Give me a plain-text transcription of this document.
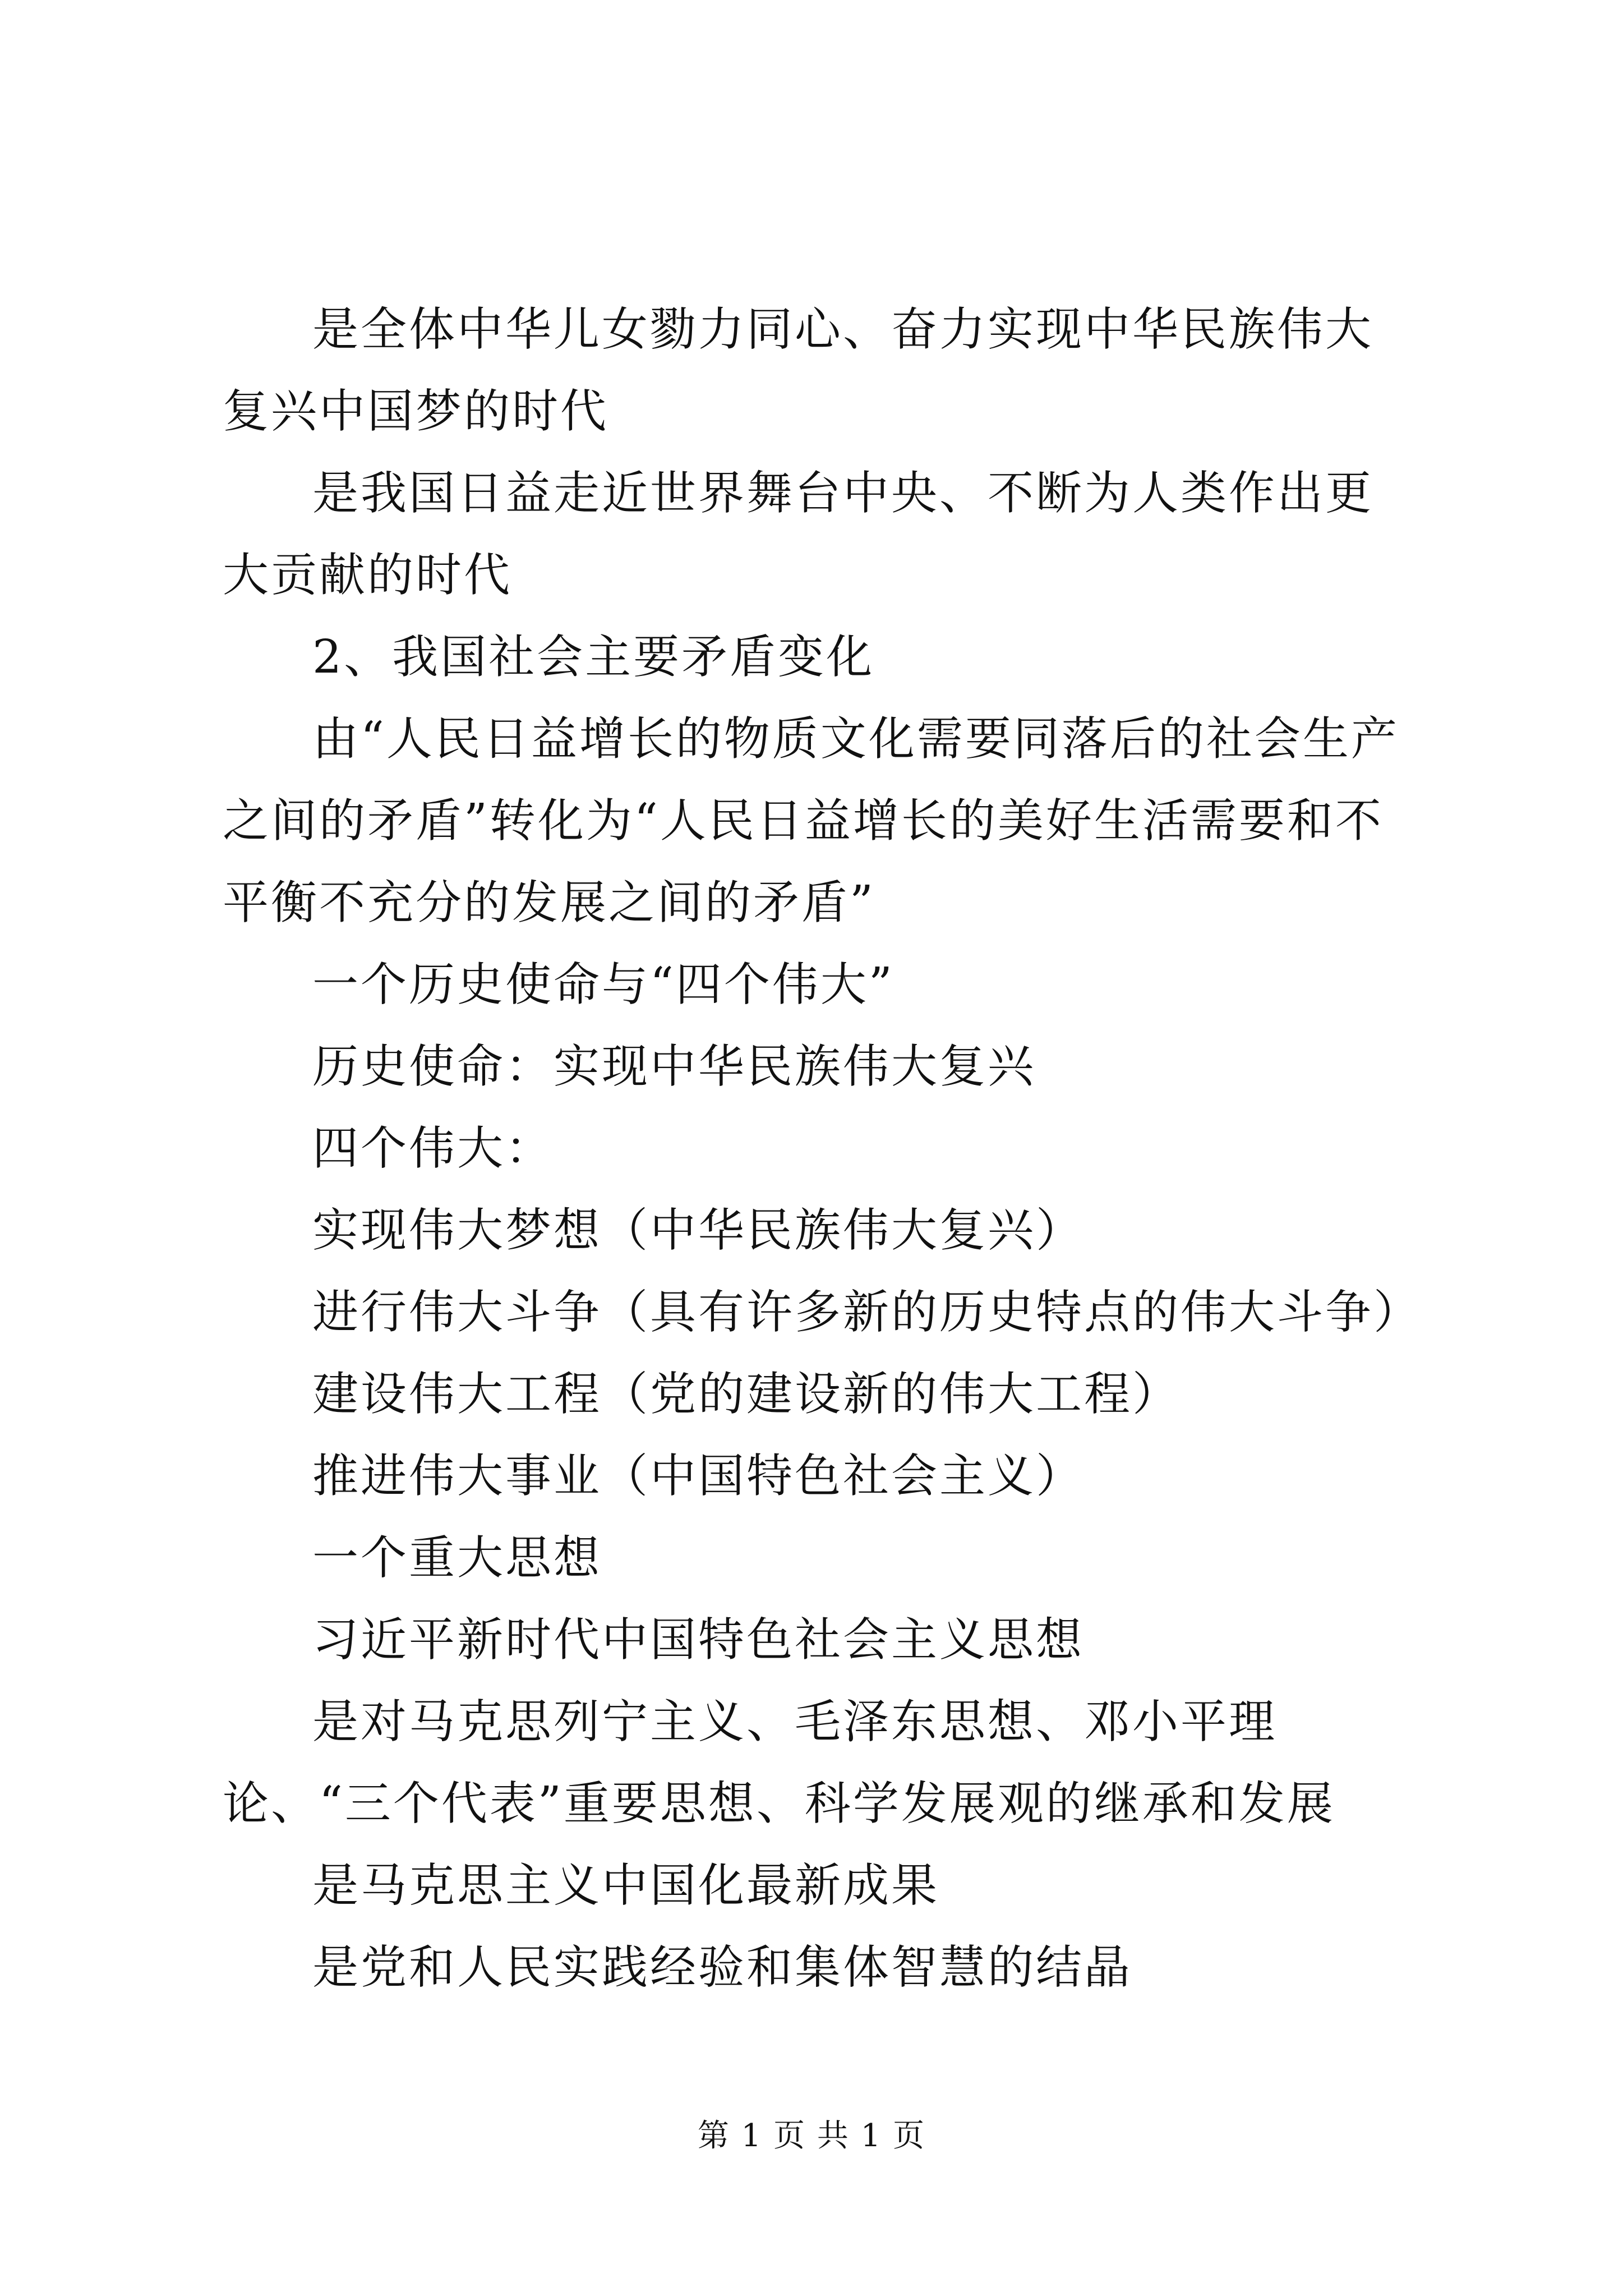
是全体中华儿女勠力同心、奋力实现中华民族伟大复兴中国梦的时代

是我国日益走近世界舞台中央、不断为人类作出更大贡献的时代

2、我国社会主要矛盾变化

由“人民日益增长的物质文化需要同落后的社会生产之间的矛盾”转化为“人民日益增长的美好生活需要和不平衡不充分的发展之间的矛盾”

一个历史使命与“四个伟大”

历史使命：实现中华民族伟大复兴

四个伟大：

实现伟大梦想（中华民族伟大复兴）

进行伟大斗争（具有许多新的历史特点的伟大斗争）

建设伟大工程（党的建设新的伟大工程）

推进伟大事业（中国特色社会主义）

一个重大思想

习近平新时代中国特色社会主义思想

是对马克思列宁主义、毛泽东思想、邓小平理论、“三个代表”重要思想、科学发展观的继承和发展

是马克思主义中国化最新成果

是党和人民实践经验和集体智慧的结晶

第 1 页 共 1 页
